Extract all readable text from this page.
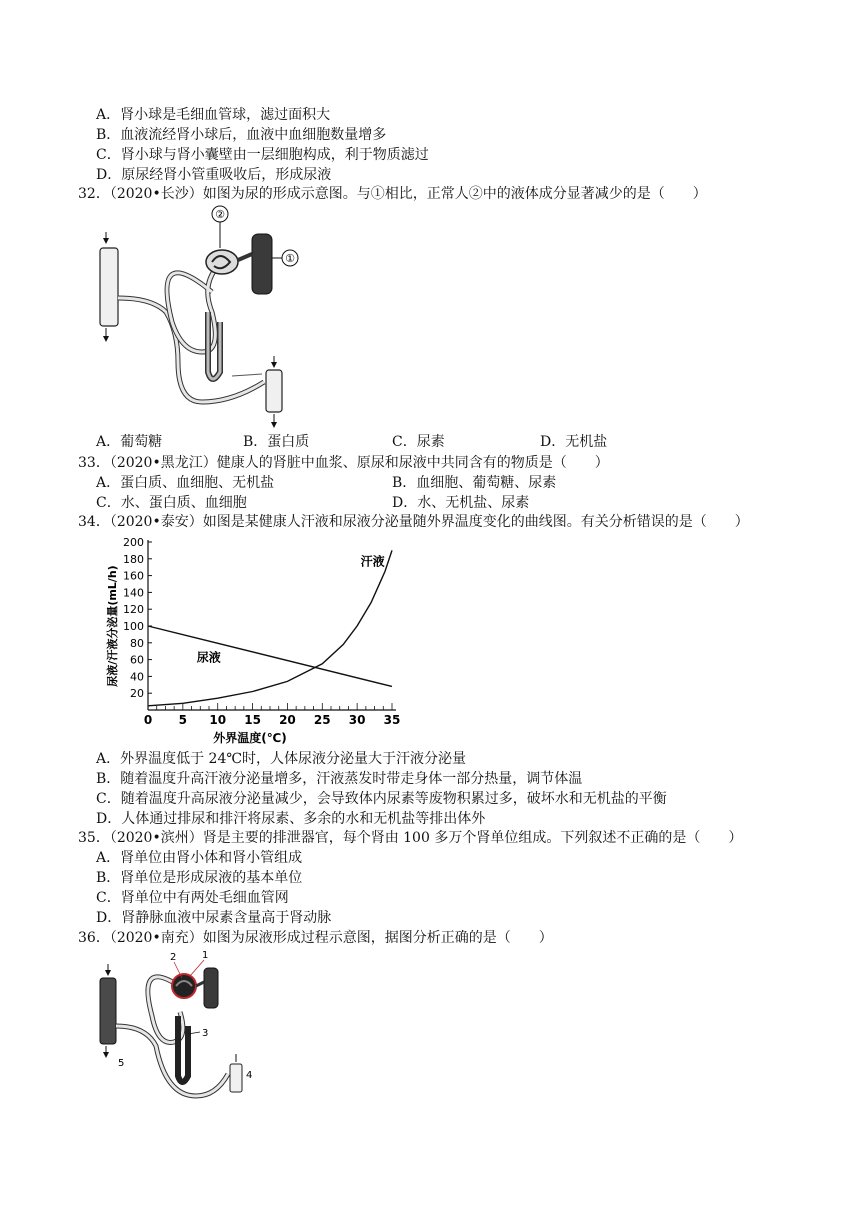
A．肾小球是毛细血管球，滤过面积大
B．血液流经肾小球后，血液中血细胞数量增多
C．肾小球与肾小囊壁由一层细胞构成，利于物质滤过
D．原尿经肾小管重吸收后，形成尿液
32．（2020•长沙）如图为尿的形成示意图。与①相比，正常人②中的液体成分显著减少的是（　　）
②
①
A．葡萄糖	B．蛋白质	C．尿素	D．无机盐
33．（2020•黑龙江）健康人的肾脏中血浆、原尿和尿液中共同含有的物质是（　　）
A．蛋白质、血细胞、无机盐	B．血细胞、葡萄糖、尿素
C．水、蛋白质、血细胞	D．水、无机盐、尿素
34．（2020•泰安）如图是某健康人汗液和尿液分泌量随外界温度变化的曲线图。有关分析错误的是（　　）
20
40
60
80
100
120
140
160
180
200
0 5 10 15 20 25 30 35
外界温度(℃)
尿液/汗液分泌量(mL/h)
汗液
尿液
A．外界温度低于 24℃时，人体尿液分泌量大于汗液分泌量
B．随着温度升高汗液分泌量增多，汗液蒸发时带走身体一部分热量，调节体温
C．随着温度升高尿液分泌量减少，会导致体内尿素等废物积累过多，破坏水和无机盐的平衡
D．人体通过排尿和排汗将尿素、多余的水和无机盐等排出体外
35．（2020•滨州）肾是主要的排泄器官，每个肾由 100 多万个肾单位组成。下列叙述不正确的是（　　）
A．肾单位由肾小体和肾小管组成
B．肾单位是形成尿液的基本单位
C．肾单位中有两处毛细血管网
D．肾静脉血液中尿素含量高于肾动脉
36．（2020•南充）如图为尿液形成过程示意图，据图分析正确的是（　　）
5
2	1
3
4
